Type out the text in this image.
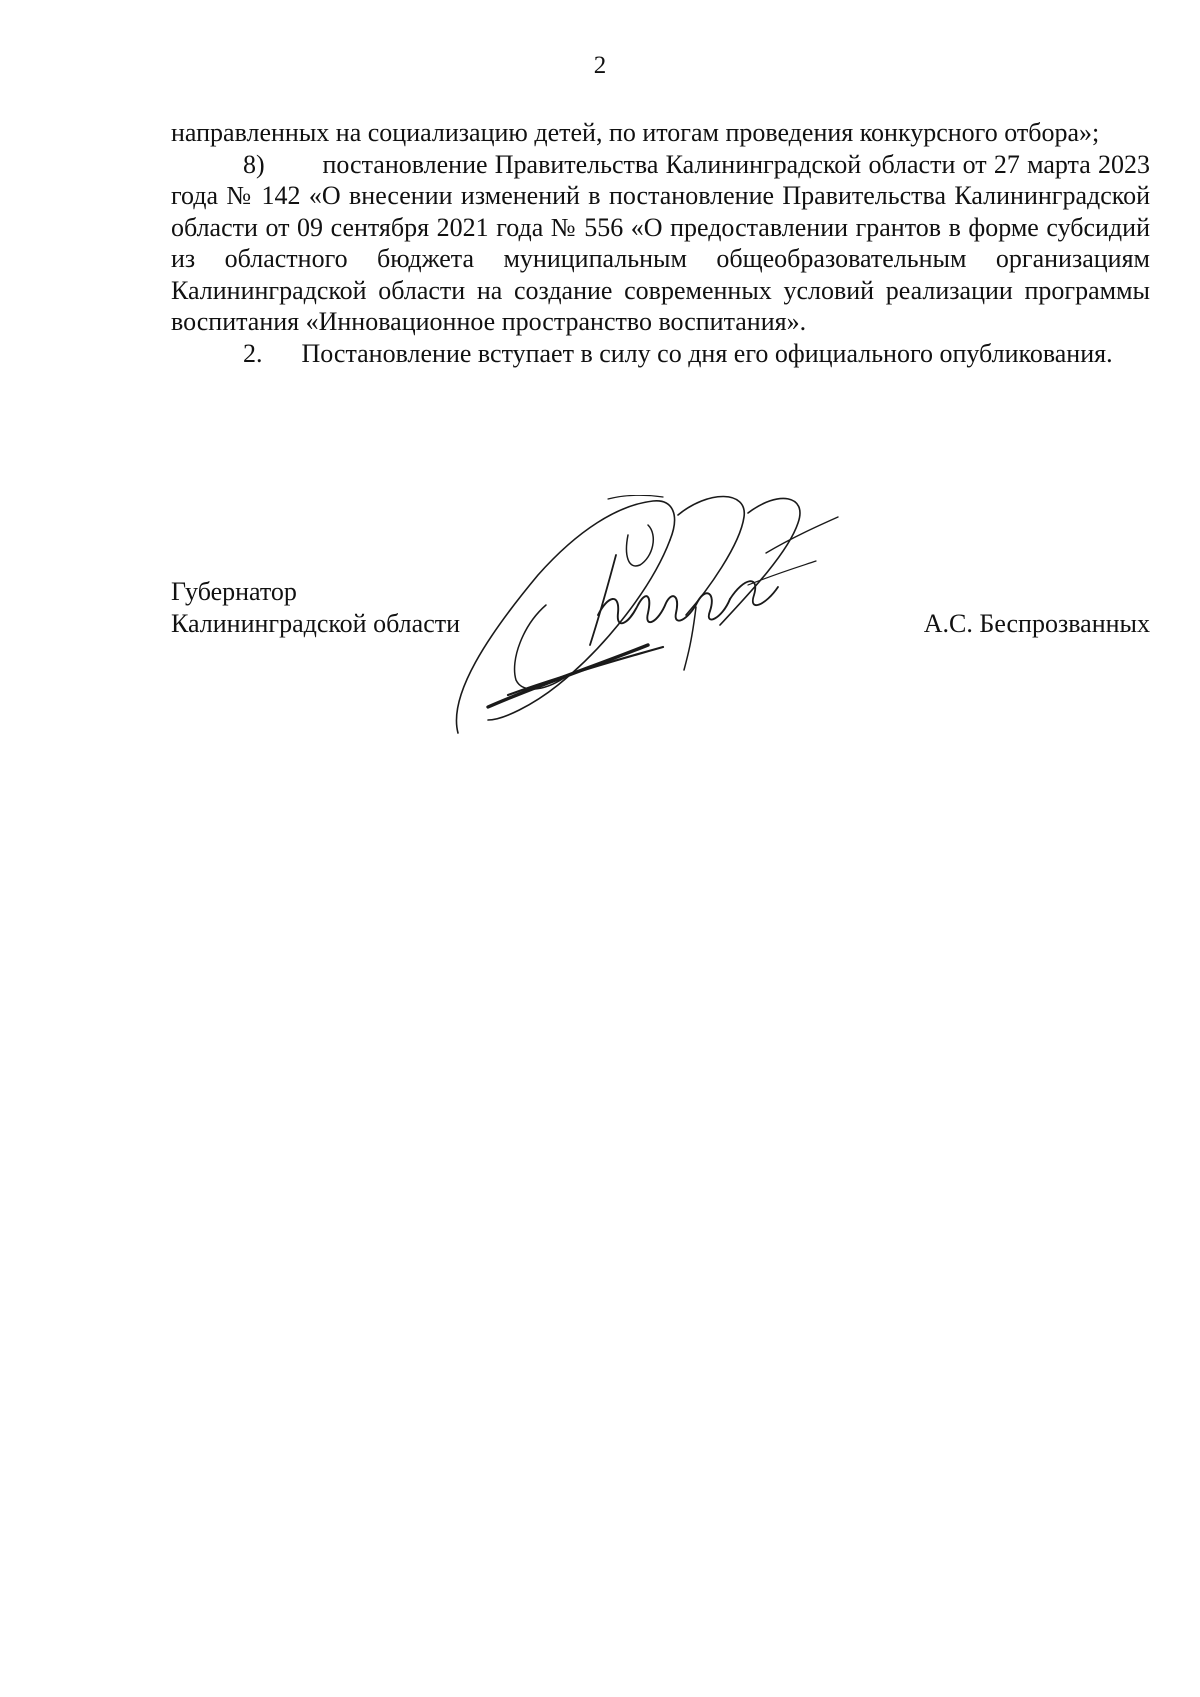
2

направленных на социализацию детей, по итогам проведения конкурсного отбора»;

8)        постановление Правительства Калининградской области от 27 марта 2023 года № 142 «О внесении изменений в постановление Правительства Калининградской области от 09 сентября 2021 года № 556 «О предоставлении грантов в форме субсидий из областного бюджета муниципальным общеобразовательным организациям Калининградской области на создание современных условий реализации программы воспитания «Инновационное пространство воспитания».

2.      Постановление вступает в силу со дня его официального опубликования.

Губернатор
Калининградской области	А.С. Беспрозванных
